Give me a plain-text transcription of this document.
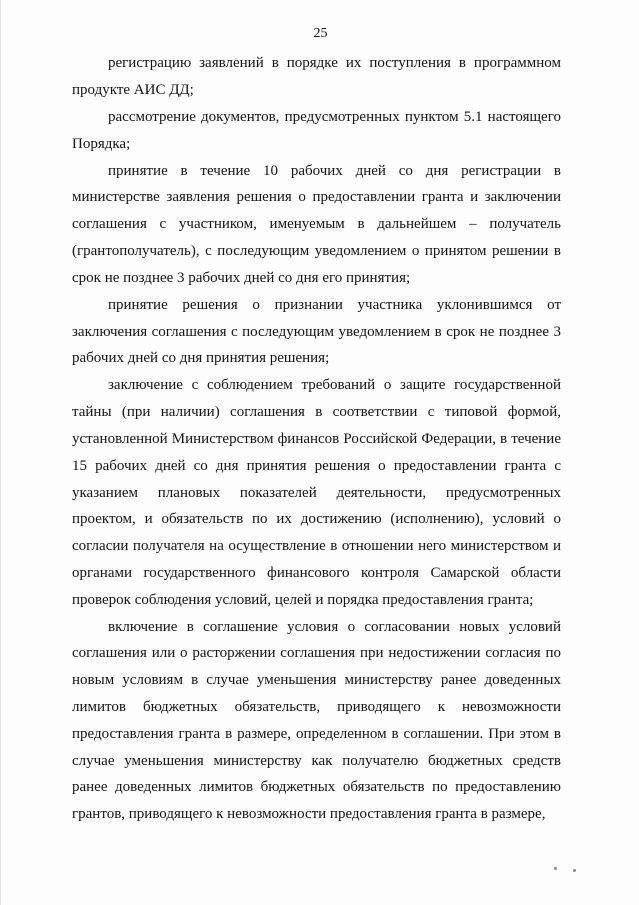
25

регистрацию заявлений в порядке их поступления в программном продукте АИС ДД;

рассмотрение документов, предусмотренных пунктом 5.1 настоящего Порядка;

принятие в течение 10 рабочих дней со дня регистрации в министерстве заявления решения о предоставлении гранта и заключении соглашения с участником, именуемым в дальнейшем – получатель (грантополучатель), с последующим уведомлением о принятом решении в срок не позднее 3 рабочих дней со дня его принятия;

принятие решения о признании участника уклонившимся от заключения соглашения с последующим уведомлением в срок не позднее 3 рабочих дней со дня принятия решения;

заключение с соблюдением требований о защите государственной тайны (при наличии) соглашения в соответствии с типовой формой, установленной Министерством финансов Российской Федерации, в течение 15 рабочих дней со дня принятия решения о предоставлении гранта с указанием плановых показателей деятельности, предусмотренных проектом, и обязательств по их достижению (исполнению), условий о согласии получателя на осуществление в отношении него министерством и органами государственного финансового контроля Самарской области проверок соблюдения условий, целей и порядка предоставления гранта;

включение в соглашение условия о согласовании новых условий соглашения или о расторжении соглашения при недостижении согласия по новым условиям в случае уменьшения министерству ранее доведенных лимитов бюджетных обязательств, приводящего к невозможности предоставления гранта в размере, определенном в соглашении. При этом в случае уменьшения министерству как получателю бюджетных средств ранее доведенных лимитов бюджетных обязательств по предоставлению грантов, приводящего к невозможности предоставления гранта в размере,
